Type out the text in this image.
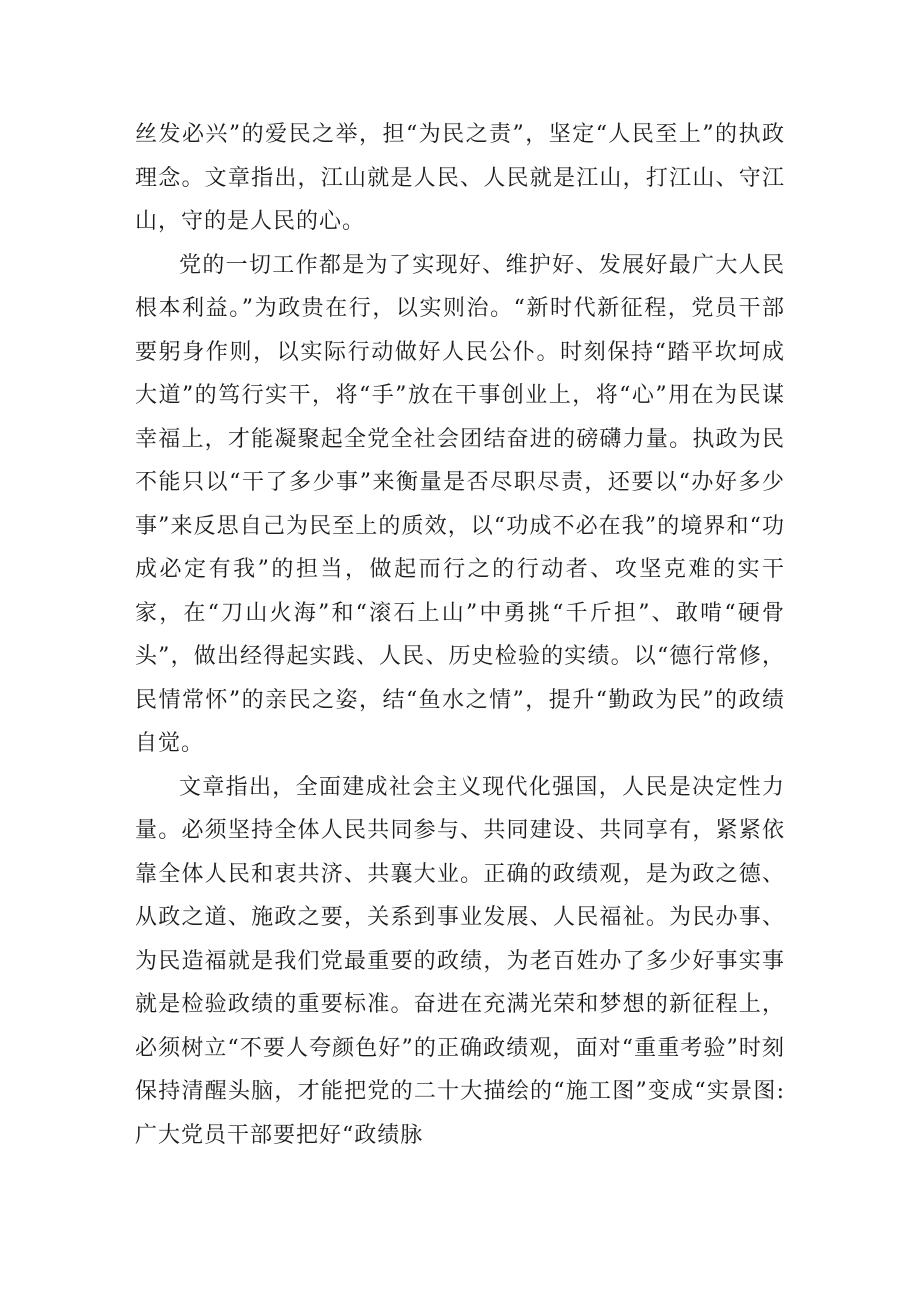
丝发必兴”的爱民之举，担“为民之责”，坚定“人民至上”的执政理念。文章指出，江山就是人民、人民就是江山，打江山、守江山，守的是人民的心。

党的一切工作都是为了实现好、维护好、发展好最广大人民根本利益。”为政贵在行，以实则治。“新时代新征程，党员干部要躬身作则，以实际行动做好人民公仆。时刻保持“踏平坎坷成大道”的笃行实干，将“手”放在干事创业上，将“心”用在为民谋幸福上，才能凝聚起全党全社会团结奋进的磅礴力量。执政为民不能只以“干了多少事”来衡量是否尽职尽责，还要以“办好多少事”来反思自己为民至上的质效，以“功成不必在我”的境界和“功成必定有我”的担当，做起而行之的行动者、攻坚克难的实干家，在“刀山火海”和“滚石上山”中勇挑“千斤担”、敢啃“硬骨头”，做出经得起实践、人民、历史检验的实绩。以“德行常修，民情常怀”的亲民之姿，结“鱼水之情”，提升“勤政为民”的政绩自觉。

文章指出，全面建成社会主义现代化强国，人民是决定性力量。必须坚持全体人民共同参与、共同建设、共同享有，紧紧依靠全体人民和衷共济、共襄大业。正确的政绩观，是为政之德、从政之道、施政之要，关系到事业发展、人民福祉。为民办事、为民造福就是我们党最重要的政绩，为老百姓办了多少好事实事就是检验政绩的重要标准。奋进在充满光荣和梦想的新征程上，必须树立“不要人夸颜色好”的正确政绩观，面对“重重考验”时刻保持清醒头脑，才能把党的二十大描绘的“施工图”变成“实景图:广大党员干部要把好“政绩脉
